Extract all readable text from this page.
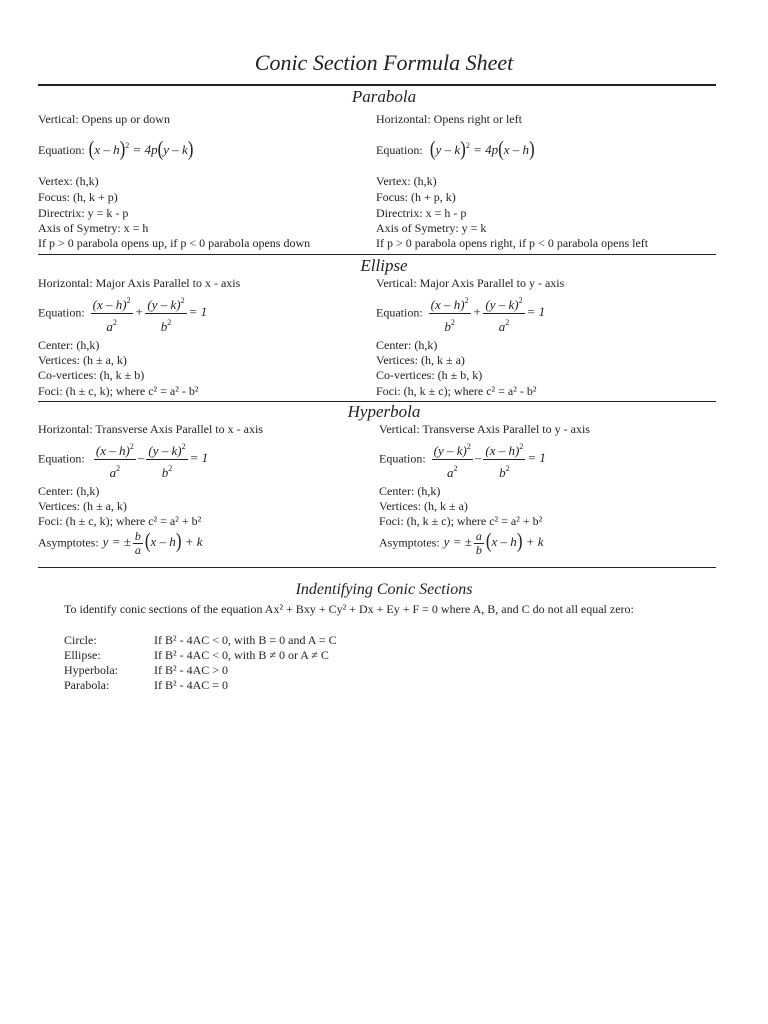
Conic Section Formula Sheet
Parabola
Vertical: Opens up or down
Equation: (x – h)$^2$ = 4p(y – k)
Vertex: (h,k)
Focus: (h, k + p)
Directrix: y = k - p
Axis of Symetry: x = h
If p > 0 parabola opens up, if p < 0 parabola opens down
Horizontal: Opens right or left
Equation: (y – k)$^2$ = 4p(x – h)
Vertex: (h,k)
Focus: (h + p, k)
Directrix: x = h - p
Axis of Symetry: y = k
If p > 0 parabola opens right, if p < 0 parabola opens left
Ellipse
Horizontal: Major Axis Parallel to x - axis
Equation: $\frac{(x - h)^2}{a^2} + \frac{(y - k)^2}{b^2} = 1$
Center: (h,k)
Vertices: (h ± a, k)
Co-vertices: (h, k ± b)
Foci: (h ± c, k); where c² = a² - b²
Vertical: Major Axis Parallel to y - axis
Equation: $\frac{(x - h)^2}{b^2} + \frac{(y - k)^2}{a^2} = 1$
Center: (h,k)
Vertices: (h, k ± a)
Co-vertices: (h ± b, k)
Foci: (h, k ± c); where c² = a² - b²
Hyperbola
Horizontal: Transverse Axis Parallel to x - axis
Equation: $\frac{(x - h)^2}{a^2} - \frac{(y - k)^2}{b^2} = 1$
Center: (h,k)
Vertices: (h ± a, k)
Foci: (h ± c, k); where c² = a² + b²
Asymptotes: y = ± $\frac{b}{a} (x - h) + k$
Vertical: Transverse Axis Parallel to y - axis
Equation: $\frac{(y - k)^2}{a^2} - \frac{(x - h)^2}{b^2} = 1$
Center: (h,k)
Vertices: (h, k ± a)
Foci: (h, k ± c); where c² = a² + b²
Asymptotes: y = ± $\frac{a}{b} (x - h) + k$
Indentifying Conic Sections
To identify conic sections of the equation Ax² + Bxy + Cy² + Dx + Ey + F = 0 where A, B, and C do not all equal zero:
Circle:	If B² - 4AC < 0, with B = 0 and A = C
Ellipse:	If B² - 4AC < 0, with B ≠ 0 or A ≠ C
Hyperbola:	If B² - 4AC > 0
Parabola:	If B² - 4AC = 0
